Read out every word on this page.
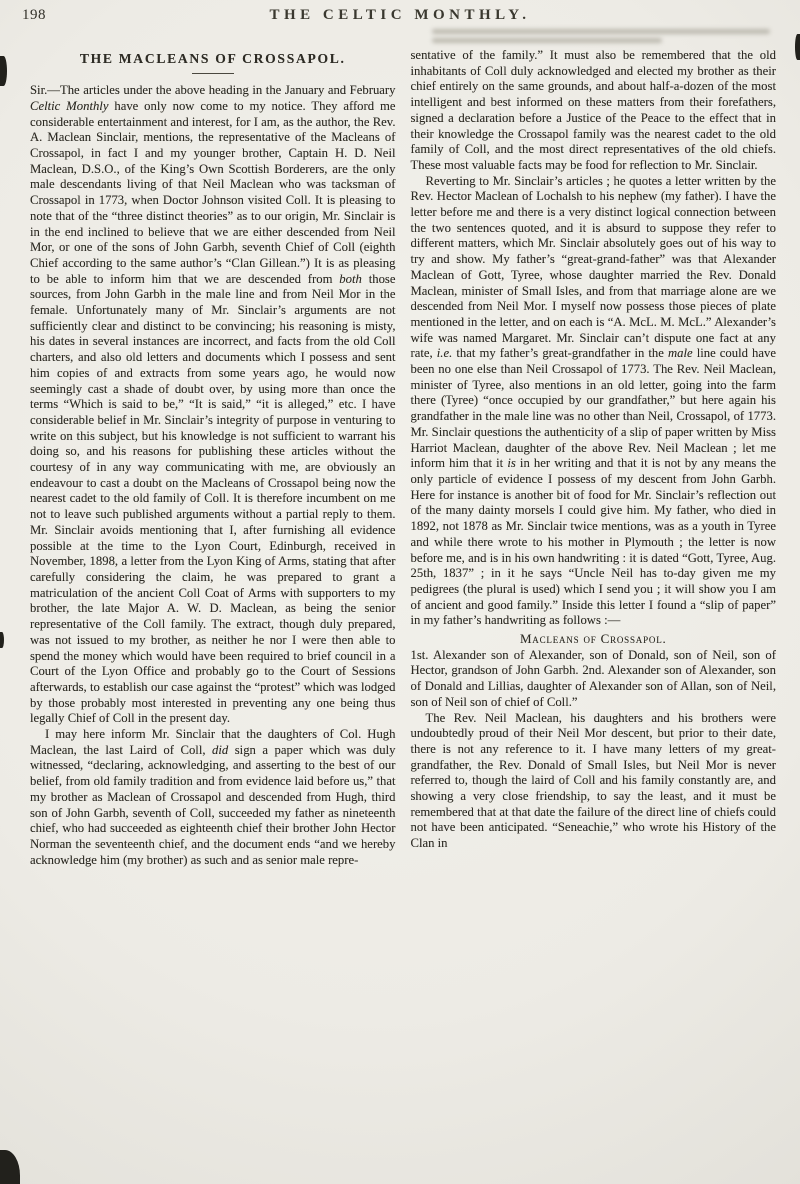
198	THE CELTIC MONTHLY.
THE MACLEANS OF CROSSAPOL.

Sir.—The articles under the above heading in the January and February Celtic Monthly have only now come to my notice. They afford me considerable entertainment and interest, for I am, as the author, the Rev. A. Maclean Sinclair, mentions, the representative of the Macleans of Crossapol, in fact I and my younger brother, Captain H. D. Neil Maclean, D.S.O., of the King’s Own Scottish Borderers, are the only male descendants living of that Neil Maclean who was tacksman of Crossapol in 1773, when Doctor Johnson visited Coll. It is pleasing to note that of the “three distinct theories” as to our origin, Mr. Sinclair is in the end inclined to believe that we are either descended from Neil Mor, or one of the sons of John Garbh, seventh Chief of Coll (eighth Chief according to the same author’s “Clan Gillean.”) It is as pleasing to be able to inform him that we are descended from both those sources, from John Garbh in the male line and from Neil Mor in the female. Unfortunately many of Mr. Sinclair’s arguments are not sufficiently clear and distinct to be convincing; his reasoning is misty, his dates in several instances are incorrect, and facts from the old Coll charters, and also old letters and documents which I possess and sent him copies of and extracts from some years ago, he would now seemingly cast a shade of doubt over, by using more than once the terms “Which is said to be,” “It is said,” “it is alleged,” etc. I have considerable belief in Mr. Sinclair’s integrity of purpose in venturing to write on this subject, but his knowledge is not sufficient to warrant his doing so, and his reasons for publishing these articles without the courtesy of in any way communicating with me, are obviously an endeavour to cast a doubt on the Macleans of Crossapol being now the nearest cadet to the old family of Coll. It is therefore incumbent on me not to leave such published arguments without a partial reply to them. Mr. Sinclair avoids mentioning that I, after furnishing all evidence possible at the time to the Lyon Court, Edinburgh, received in November, 1898, a letter from the Lyon King of Arms, stating that after carefully considering the claim, he was prepared to grant a matriculation of the ancient Coll Coat of Arms with supporters to my brother, the late Major A. W. D. Maclean, as being the senior representative of the Coll family. The extract, though duly prepared, was not issued to my brother, as neither he nor I were then able to spend the money which would have been required to brief council in a Court of the Lyon Office and probably go to the Court of Sessions afterwards, to establish our case against the “protest” which was lodged by those probably most interested in preventing any one being thus legally Chief of Coll in the present day.

I may here inform Mr. Sinclair that the daughters of Col. Hugh Maclean, the last Laird of Coll, did sign a paper which was duly witnessed, “declaring, acknowledging, and asserting to the best of our belief, from old family tradition and from evidence laid before us,” that my brother as Maclean of Crossapol and descended from Hugh, third son of John Garbh, seventh of Coll, succeeded my father as nineteenth chief, who had succeeded as eighteenth chief their brother John Hector Norman the seventeenth chief, and the document ends “and we hereby acknowledge him (my brother) as such and as senior male repre-

sentative of the family.” It must also be remembered that the old inhabitants of Coll duly acknowledged and elected my brother as their chief entirely on the same grounds, and about half-a-dozen of the most intelligent and best informed on these matters from their forefathers, signed a declaration before a Justice of the Peace to the effect that in their knowledge the Crossapol family was the nearest cadet to the old family of Coll, and the most direct representatives of the old chiefs. These most valuable facts may be food for reflection to Mr. Sinclair.

Reverting to Mr. Sinclair’s articles ; he quotes a letter written by the Rev. Hector Maclean of Lochalsh to his nephew (my father). I have the letter before me and there is a very distinct logical connection between the two sentences quoted, and it is absurd to suppose they refer to different matters, which Mr. Sinclair absolutely goes out of his way to try and show. My father’s “great-grand-father” was that Alexander Maclean of Gott, Tyree, whose daughter married the Rev. Donald Maclean, minister of Small Isles, and from that marriage alone are we descended from Neil Mor. I myself now possess those pieces of plate mentioned in the letter, and on each is “A. McL. M. McL.” Alexander’s wife was named Margaret. Mr. Sinclair can’t dispute one fact at any rate, i.e. that my father’s great-grandfather in the male line could have been no one else than Neil Crossapol of 1773. The Rev. Neil Maclean, minister of Tyree, also mentions in an old letter, going into the farm there (Tyree) “once occupied by our grandfather,” but here again his grandfather in the male line was no other than Neil, Crossapol, of 1773. Mr. Sinclair questions the authenticity of a slip of paper written by Miss Harriot Maclean, daughter of the above Rev. Neil Maclean ; let me inform him that it is in her writing and that it is not by any means the only particle of evidence I possess of my descent from John Garbh. Here for instance is another bit of food for Mr. Sinclair’s reflection out of the many dainty morsels I could give him. My father, who died in 1892, not 1878 as Mr. Sinclair twice mentions, was as a youth in Tyree and while there wrote to his mother in Plymouth ; the letter is now before me, and is in his own handwriting : it is dated “Gott, Tyree, Aug. 25th, 1837” ; in it he says “Uncle Neil has to-day given me my pedigrees (the plural is used) which I send you ; it will show you I am of ancient and good family.” Inside this letter I found a “slip of paper” in my father’s handwriting as follows :—

Macleans of Crossapol.

1st. Alexander son of Alexander, son of Donald, son of Neil, son of Hector, grandson of John Garbh. 2nd. Alexander son of Alexander, son of Donald and Lillias, daughter of Alexander son of Allan, son of Neil, son of Neil son of chief of Coll.”

The Rev. Neil Maclean, his daughters and his brothers were undoubtedly proud of their Neil Mor descent, but prior to their date, there is not any reference to it. I have many letters of my great-grandfather, the Rev. Donald of Small Isles, but Neil Mor is never referred to, though the laird of Coll and his family constantly are, and showing a very close friendship, to say the least, and it must be remembered that at that date the failure of the direct line of chiefs could not have been anticipated. “Seneachie,” who wrote his History of the Clan in
